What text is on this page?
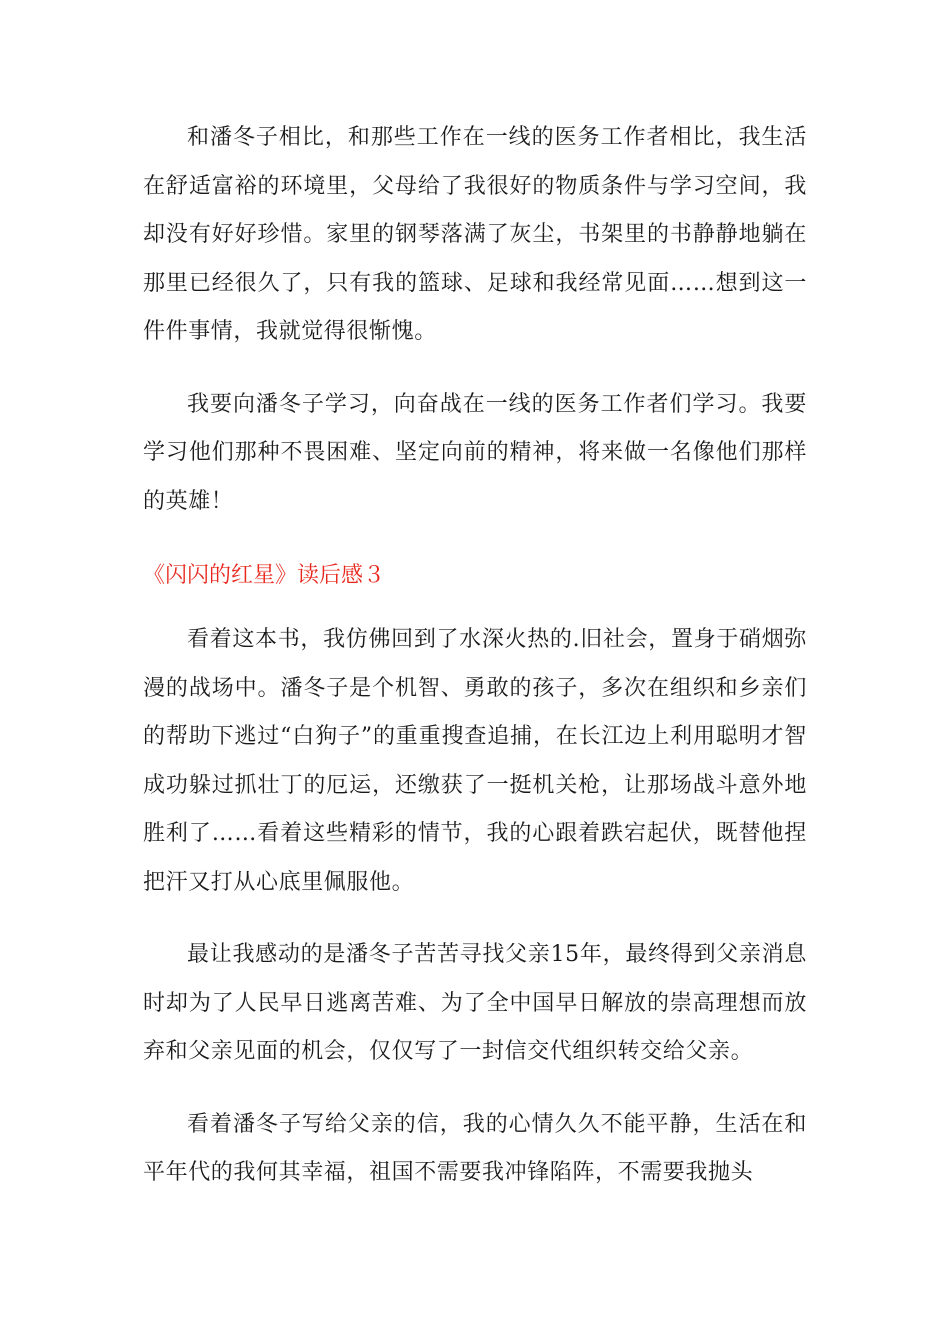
和潘冬子相比，和那些工作在一线的医务工作者相比，我生活在舒适富裕的环境里，父母给了我很好的物质条件与学习空间，我却没有好好珍惜。家里的钢琴落满了灰尘，书架里的书静静地躺在那里已经很久了，只有我的篮球、足球和我经常见面……想到这一件件事情，我就觉得很惭愧。

我要向潘冬子学习，向奋战在一线的医务工作者们学习。我要学习他们那种不畏困难、坚定向前的精神，将来做一名像他们那样的英雄！

《闪闪的红星》读后感３

看着这本书，我仿佛回到了水深火热的.旧社会，置身于硝烟弥漫的战场中。潘冬子是个机智、勇敢的孩子，多次在组织和乡亲们的帮助下逃过“白狗子”的重重搜查追捕，在长江边上利用聪明才智成功躲过抓壮丁的厄运，还缴获了一挺机关枪，让那场战斗意外地胜利了……看着这些精彩的情节，我的心跟着跌宕起伏，既替他捏把汗又打从心底里佩服他。

最让我感动的是潘冬子苦苦寻找父亲15年，最终得到父亲消息时却为了人民早日逃离苦难、为了全中国早日解放的崇高理想而放弃和父亲见面的机会，仅仅写了一封信交代组织转交给父亲。

看着潘冬子写给父亲的信，我的心情久久不能平静，生活在和平年代的我何其幸福，祖国不需要我冲锋陷阵，不需要我抛头
